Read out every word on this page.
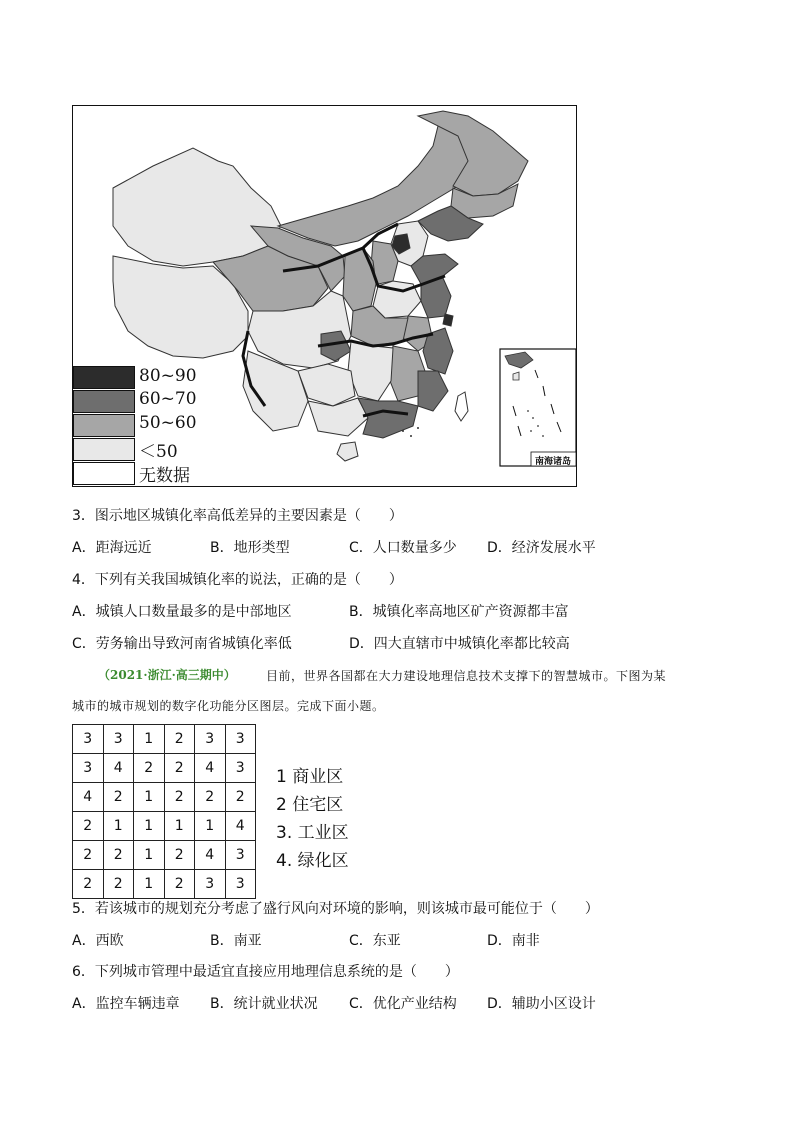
南海诸岛
80~90
60~70
50~60
＜50
无数据
3．图示地区城镇化率高低差异的主要因素是（　　）
A．距海远近	B．地形类型	C．人口数量多少 D．经济发展水平
4．下列有关我国城镇化率的说法，正确的是（　　）
A．城镇人口数量最多的是中部地区	B．城镇化率高地区矿产资源都丰富
C．劳务输出导致河南省城镇化率低	D．四大直辖市中城镇化率都比较高
（2021·浙江·高三期中）	目前，世界各国都在大力建设地理信息技术支撑下的智慧城市。下图为某
城市的城市规划的数字化功能分区图层。完成下面小题。
3	3	1	2	3	3
3	4	2	2	4	3
4	2	1	2	2	2
2	1	1	1	1	4
2	2	1	2	4	3
2	2	1	2	3	3
1 商业区
2 住宅区
3. 工业区
4. 绿化区
5．若该城市的规划充分考虑了盛行风向对环境的影响，则该城市最可能位于（　　）
A．西欧	B．南亚	C．东亚	D．南非
6．下列城市管理中最适宜直接应用地理信息系统的是（　　）
A．监控车辆违章 B．统计就业状况 C．优化产业结构 D．辅助小区设计
